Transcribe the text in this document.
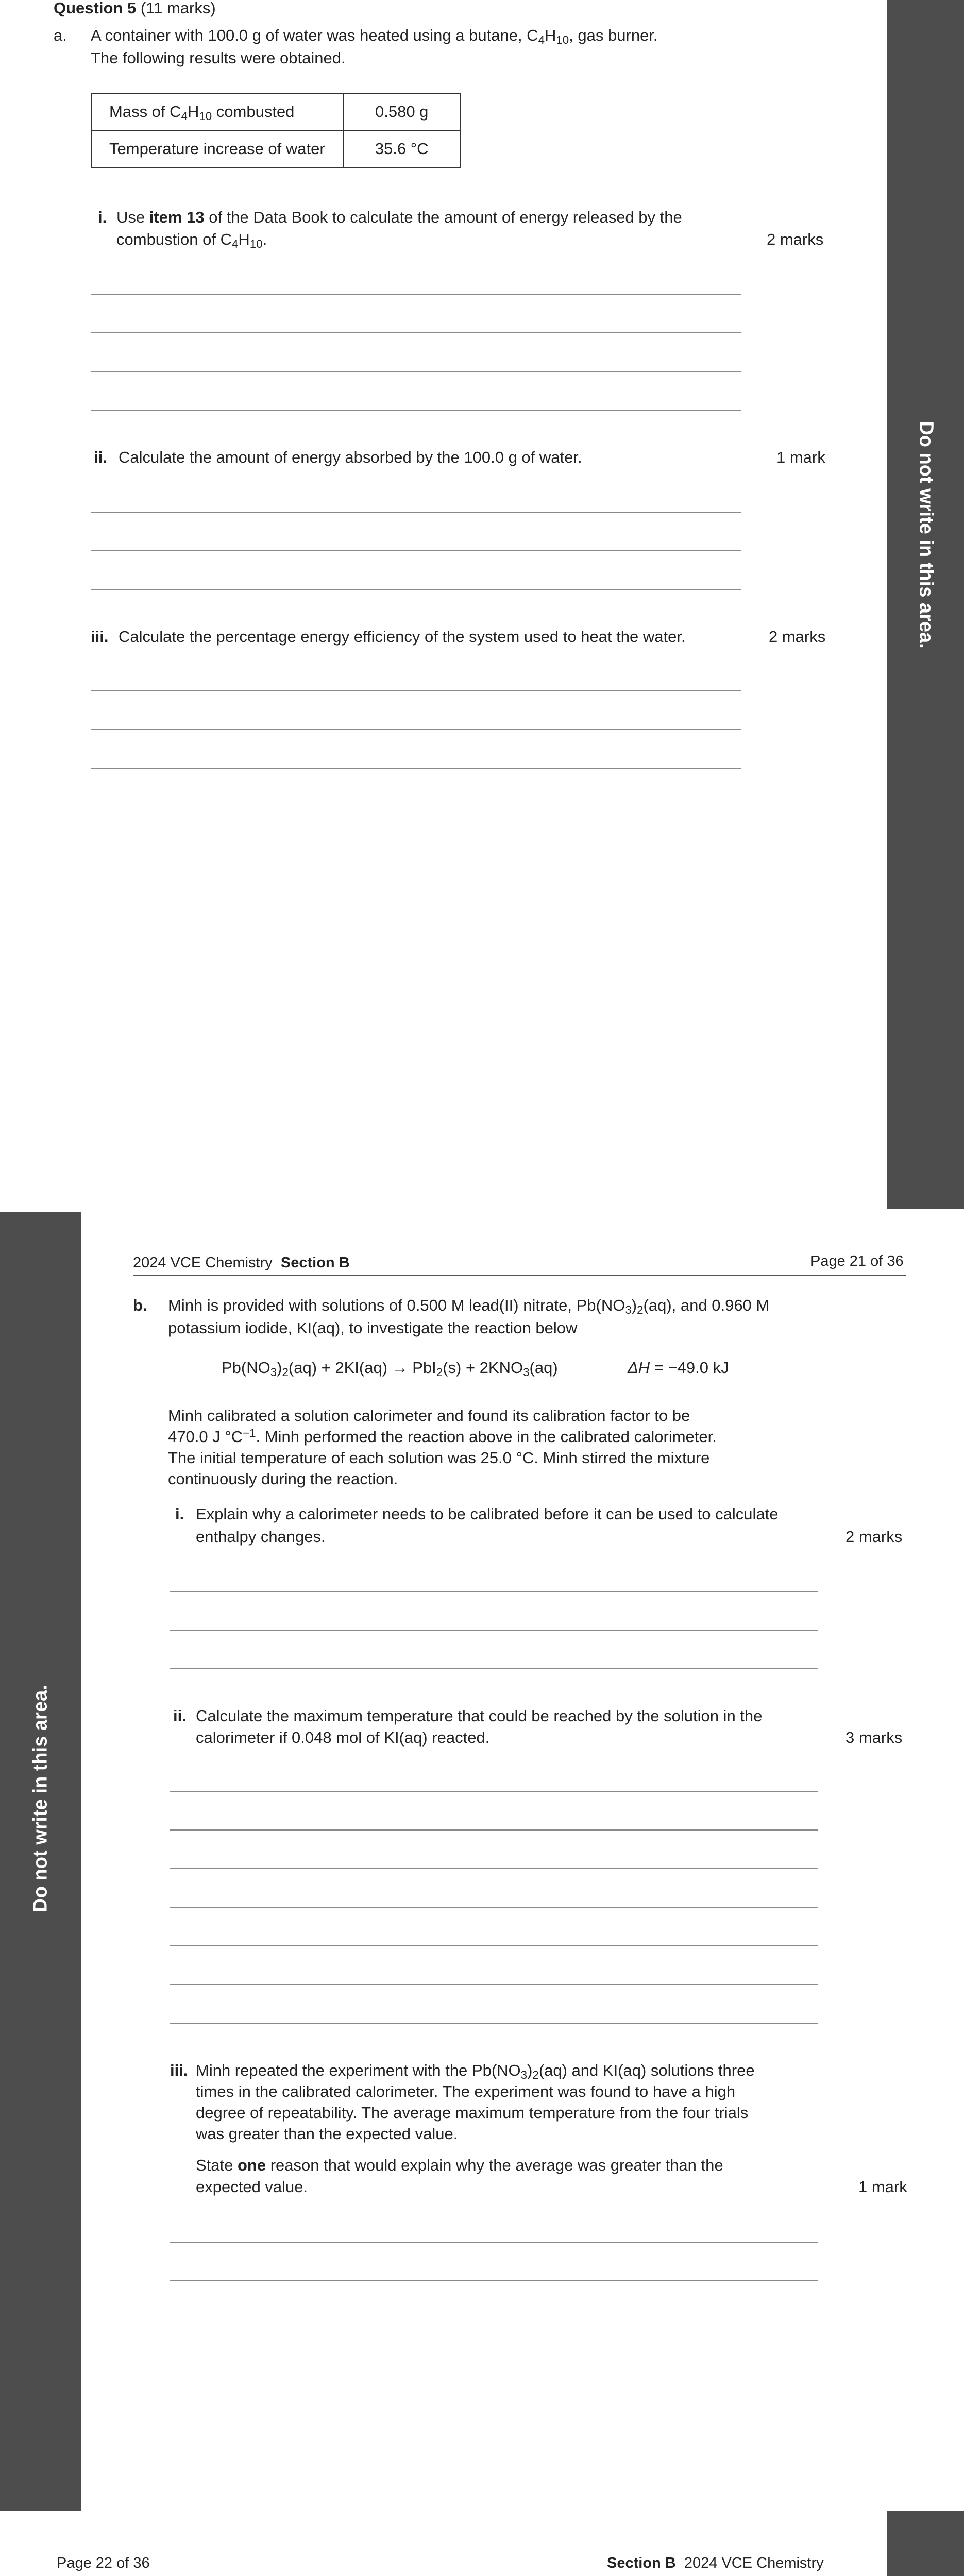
Question 5 (11 marks)
a. A container with 100.0 g of water was heated using a butane, $C_4H_{10}$, gas burner.
The following results were obtained.
Mass of $C_4H_{10}$ combusted	0.580 g
Temperature increase of water	35.6 °C
i. Use item 13 of the Data Book to calculate the amount of energy released by the
combustion of $C_4H_{10}$.	2 marks
ii. Calculate the amount of energy absorbed by the 100.0 g of water.	1 mark
iii. Calculate the percentage energy efficiency of the system used to heat the water.	2 marks	Do not write in this area.
Do not write in this area.
2024 VCE Chemistry Section B	Page 21 of 36
b. Minh is provided with solutions of 0.500 M lead(II) nitrate, $Pb(NO_3)_2(aq)$, and 0.960 M
potassium iodide, KI(aq), to investigate the reaction below
$Pb(NO_3)_2(aq) + 2KI(aq) \to PbI_2(s) + 2KNO_3(aq)$	ΔH = −49.0 kJ
Minh calibrated a solution calorimeter and found its calibration factor to be
470.0 J $^\circ C^{-1}$. Minh performed the reaction above in the calibrated calorimeter.
The initial temperature of each solution was 25.0 °C. Minh stirred the mixture
continuously during the reaction.
i. Explain why a calorimeter needs to be calibrated before it can be used to calculate
enthalpy changes.	2 marks
ii. Calculate the maximum temperature that could be reached by the solution in the
calorimeter if 0.048 mol of KI(aq) reacted.	3 marks
iii. Minh repeated the experiment with the $Pb(NO_3)_2(aq)$ and KI(aq) solutions three
times in the calibrated calorimeter. The experiment was found to have a high
degree of repeatability. The average maximum temperature from the four trials
was greater than the expected value.
State one reason that would explain why the average was greater than the
expected value.	1 mark
Page 22 of 36	Section B 2024 VCE Chemistry
